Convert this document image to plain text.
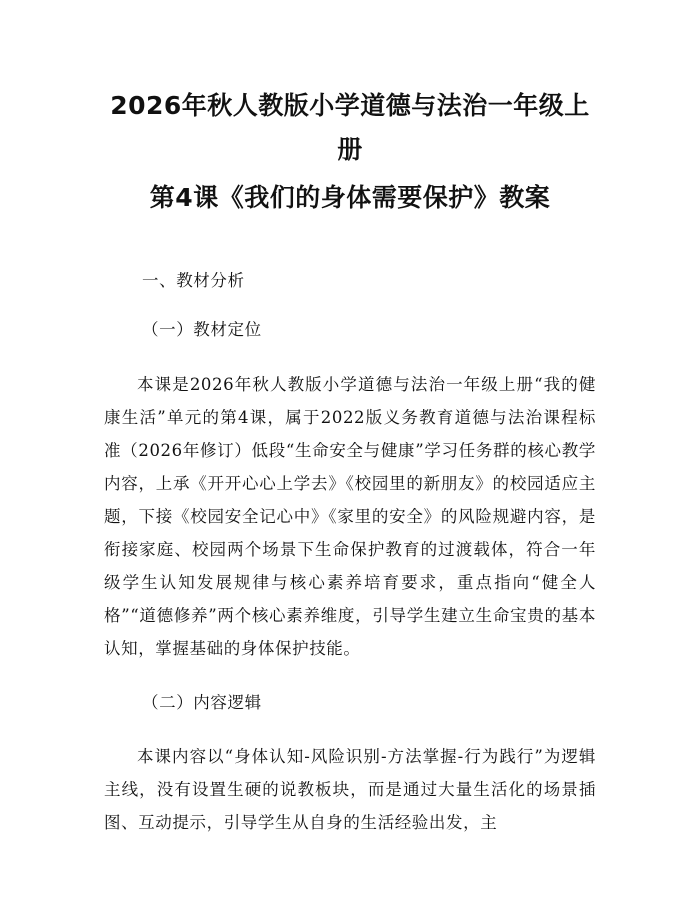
2026年秋人教版小学道德与法治一年级上册
第4课《我们的身体需要保护》教案

一、教材分析

（一）教材定位

本课是2026年秋人教版小学道德与法治一年级上册“我的健康生活”单元的第4课，属于2022版义务教育道德与法治课程标准（2026年修订）低段“生命安全与健康”学习任务群的核心教学内容，上承《开开心心上学去》《校园里的新朋友》的校园适应主题，下接《校园安全记心中》《家里的安全》的风险规避内容，是衔接家庭、校园两个场景下生命保护教育的过渡载体，符合一年级学生认知发展规律与核心素养培育要求，重点指向“健全人格”“道德修养”两个核心素养维度，引导学生建立生命宝贵的基本认知，掌握基础的身体保护技能。

（二）内容逻辑

本课内容以“身体认知-风险识别-方法掌握-行为践行”为逻辑主线，没有设置生硬的说教板块，而是通过大量生活化的场景插图、互动提示，引导学生从自身的生活经验出发，主
